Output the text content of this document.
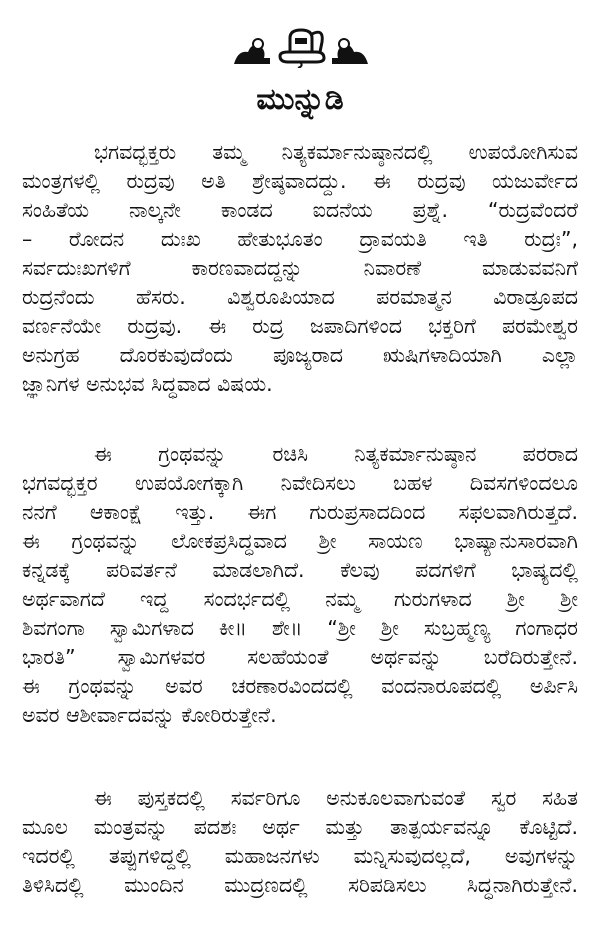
ಮುನ್ನುಡಿ
ಭಗವದ್ಭಕ್ತರು ತಮ್ಮ ನಿತ್ಯಕರ್ಮಾನುಷ್ಠಾನದಲ್ಲಿ ಉಪಯೋಗಿಸುವ
ಮಂತ್ರಗಳಲ್ಲಿ ರುದ್ರವು ಅತಿ ಶ್ರೇಷ್ಠವಾದದ್ದು. ಈ ರುದ್ರವು ಯಜುರ್ವೇದ
ಸಂಹಿತೆಯ ನಾಲ್ಕನೇ ಕಾಂಡದ ಐದನೆಯ ಪ್ರಶ್ನೆ. “ರುದ್ರವೆಂದರೆ
– ರೋದನ ದುಃಖ ಹೇತುಭೂತಂ ದ್ರಾವಯತಿ ಇತಿ ರುದ್ರಃ”,
ಸರ್ವದುಃಖಗಳಿಗೆ ಕಾರಣವಾದದ್ದನ್ನು ನಿವಾರಣೆ ಮಾಡುವವನಿಗೆ
ರುದ್ರನೆಂದು ಹೆಸರು. ವಿಶ್ವರೂಪಿಯಾದ ಪರಮಾತ್ಮನ ವಿರಾಡ್ರೂಪದ
ವರ್ಣನೆಯೇ ರುದ್ರವು. ಈ ರುದ್ರ ಜಪಾದಿಗಳಿಂದ ಭಕ್ತರಿಗೆ ಪರಮೇಶ್ವರ
ಅನುಗ್ರಹ ದೊರಕುವುದೆಂದು ಪೂಜ್ಯರಾದ ಋಷಿಗಳಾದಿಯಾಗಿ ಎಲ್ಲಾ
ಜ್ಞಾನಿಗಳ ಅನುಭವ ಸಿದ್ಧವಾದ ವಿಷಯ.
ಈ ಗ್ರಂಥವನ್ನು ರಚಿಸಿ ನಿತ್ಯಕರ್ಮಾನುಷ್ಠಾನ ಪರರಾದ
ಭಗವದ್ಭಕ್ತರ ಉಪಯೋಗಕ್ಕಾಗಿ ನಿವೇದಿಸಲು ಬಹಳ ದಿವಸಗಳಿಂದಲೂ
ನನಗೆ ಆಕಾಂಕ್ಷೆ ಇತ್ತು. ಈಗ ಗುರುಪ್ರಸಾದದಿಂದ ಸಫಲವಾಗಿರುತ್ತದೆ.
ಈ ಗ್ರಂಥವನ್ನು ಲೋಕಪ್ರಸಿದ್ಧವಾದ ಶ್ರೀ ಸಾಯಣ ಭಾಷ್ಯಾನುಸಾರವಾಗಿ
ಕನ್ನಡಕ್ಕೆ ಪರಿವರ್ತನೆ ಮಾಡಲಾಗಿದೆ. ಕೆಲವು ಪದಗಳಿಗೆ ಭಾಷ್ಯದಲ್ಲಿ
ಅರ್ಥವಾಗದೆ ಇದ್ದ ಸಂದರ್ಭದಲ್ಲಿ ನಮ್ಮ ಗುರುಗಳಾದ ಶ್ರೀ ಶ್ರೀ
ಶಿವಗಂಗಾ ಸ್ವಾಮಿಗಳಾದ ಕೀ॥ ಶೇ॥ “ಶ್ರೀ ಶ್ರೀ ಸುಬ್ರಹ್ಮಣ್ಯ ಗಂಗಾಧರ
ಭಾರತಿ” ಸ್ವಾಮಿಗಳವರ ಸಲಹೆಯಂತೆ ಅರ್ಥವನ್ನು ಬರೆದಿರುತ್ತೇನೆ.
ಈ ಗ್ರಂಥವನ್ನು ಅವರ ಚರಣಾರವಿಂದದಲ್ಲಿ ವಂದನಾರೂಪದಲ್ಲಿ ಅರ್ಪಿಸಿ
ಅವರ ಆಶೀರ್ವಾದವನ್ನು ಕೋರಿರುತ್ತೇನೆ.
ಈ ಪುಸ್ತಕದಲ್ಲಿ ಸರ್ವರಿಗೂ ಅನುಕೂಲವಾಗುವಂತೆ ಸ್ವರ ಸಹಿತ
ಮೂಲ ಮಂತ್ರವನ್ನು ಪದಶಃ ಅರ್ಥ ಮತ್ತು ತಾತ್ಪರ್ಯವನ್ನೂ ಕೊಟ್ಟಿದೆ.
ಇದರಲ್ಲಿ ತಪ್ಪುಗಳಿದ್ದಲ್ಲಿ ಮಹಾಜನಗಳು ಮನ್ನಿಸುವುದಲ್ಲದೆ, ಅವುಗಳನ್ನು
ತಿಳಿಸಿದಲ್ಲಿ ಮುಂದಿನ ಮುದ್ರಣದಲ್ಲಿ ಸರಿಪಡಿಸಲು ಸಿದ್ಧನಾಗಿರುತ್ತೇನೆ.
